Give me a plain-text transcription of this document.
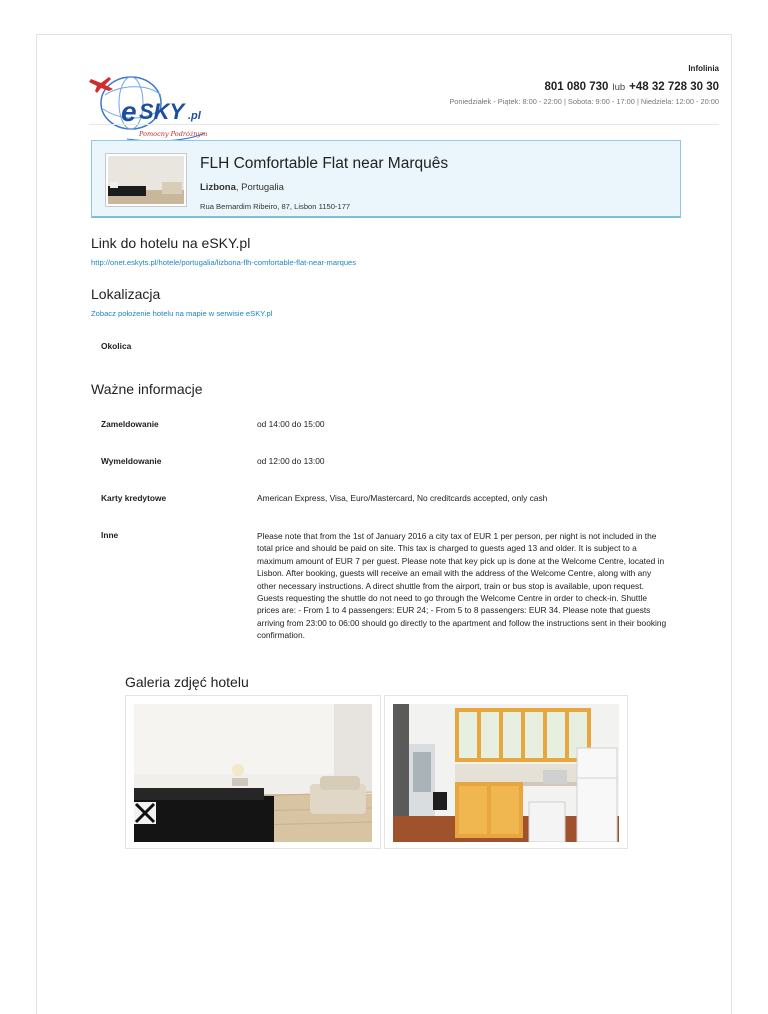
e SKY .pl
Pomocny Podróżnym
Infolinia
801 080 730 lub +48 32 728 30 30
Poniedziałek - Piątek: 8:00 - 22:00 | Sobota: 9:00 - 17:00 | Niedziela: 12:00 - 20:00
FLH Comfortable Flat near Marquês
Lizbona, Portugalia
Rua Bernardim Ribeiro, 87, Lisbon 1150-177
Link do hotelu na eSKY.pl
http://onet.eskyts.pl/hotele/portugalia/lizbona-flh-comfortable-flat-near-marques
Lokalizacja
Zobacz położenie hotelu na mapie w serwisie eSKY.pl
Okolica
Ważne informacje
Zameldowanie	od 14:00 do 15:00
Wymeldowanie	od 12:00 do 13:00
Karty kredytowe	American Express, Visa, Euro/Mastercard, No creditcards accepted, only cash
Inne	Please note that from the 1st of January 2016 a city tax of EUR 1 per person, per night is not included in the total price and should be paid on site. This tax is charged to guests aged 13 and older. It is subject to a maximum amount of EUR 7 per guest. Please note that key pick up is done at the Welcome Centre, located in Lisbon. After booking, guests will receive an email with the address of the Welcome Centre, along with any other necessary instructions. A direct shuttle from the airport, train or bus stop is available, upon request. Guests requesting the shuttle do not need to go through the Welcome Centre in order to check-in. Shuttle prices are: - From 1 to 4 passengers: EUR 24; - From 5 to 8 passengers: EUR 34. Please note that guests arriving from 23:00 to 06:00 should go directly to the apartment and follow the instructions sent in their booking confirmation.
Galeria zdjęć hotelu
